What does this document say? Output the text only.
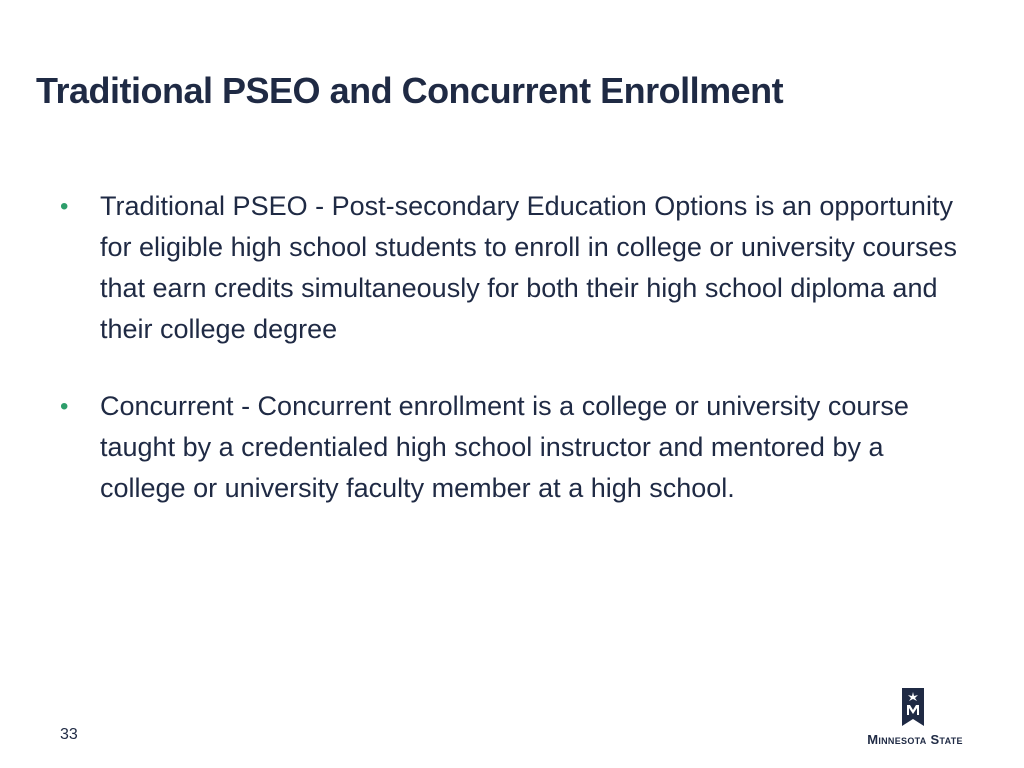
Traditional PSEO and Concurrent Enrollment
• Traditional PSEO - Post-secondary Education Options is an opportunity for eligible high school students to enroll in college or university courses that earn credits simultaneously for both their high school diploma and their college degree
• Concurrent - Concurrent enrollment is a college or university course taught by a credentialed high school instructor and mentored by a college or university faculty member at a high school.
33	Minnesota State
